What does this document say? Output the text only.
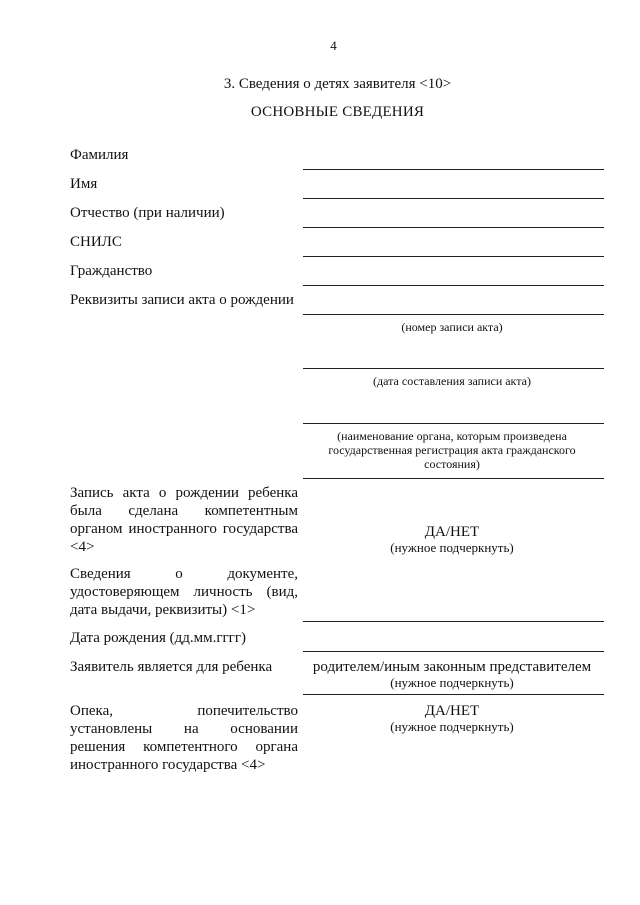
4
3. Сведения о детях заявителя <10>
ОСНОВНЫЕ СВЕДЕНИЯ
Фамилия
Имя
Отчество (при наличии)
СНИЛС
Гражданство
Реквизиты записи акта о рождении
(номер записи акта)
(дата составления записи акта)
(наименование органа, которым произведена государственная регистрация акта гражданского состояния)
Запись акта о рождении ребенка была сделана компетентным органом иностранного государства <4>
ДА/НЕТ
(нужное подчеркнуть)
Сведения о документе, удостоверяющем личность (вид, дата выдачи, реквизиты) <1>
Дата рождения (дд.мм.гггг)
Заявитель является для ребенка	родителем/иным законным представителем
(нужное подчеркнуть)
Опека, попечительство установлены на основании решения компетентного органа иностранного государства <4>
ДА/НЕТ
(нужное подчеркнуть)
